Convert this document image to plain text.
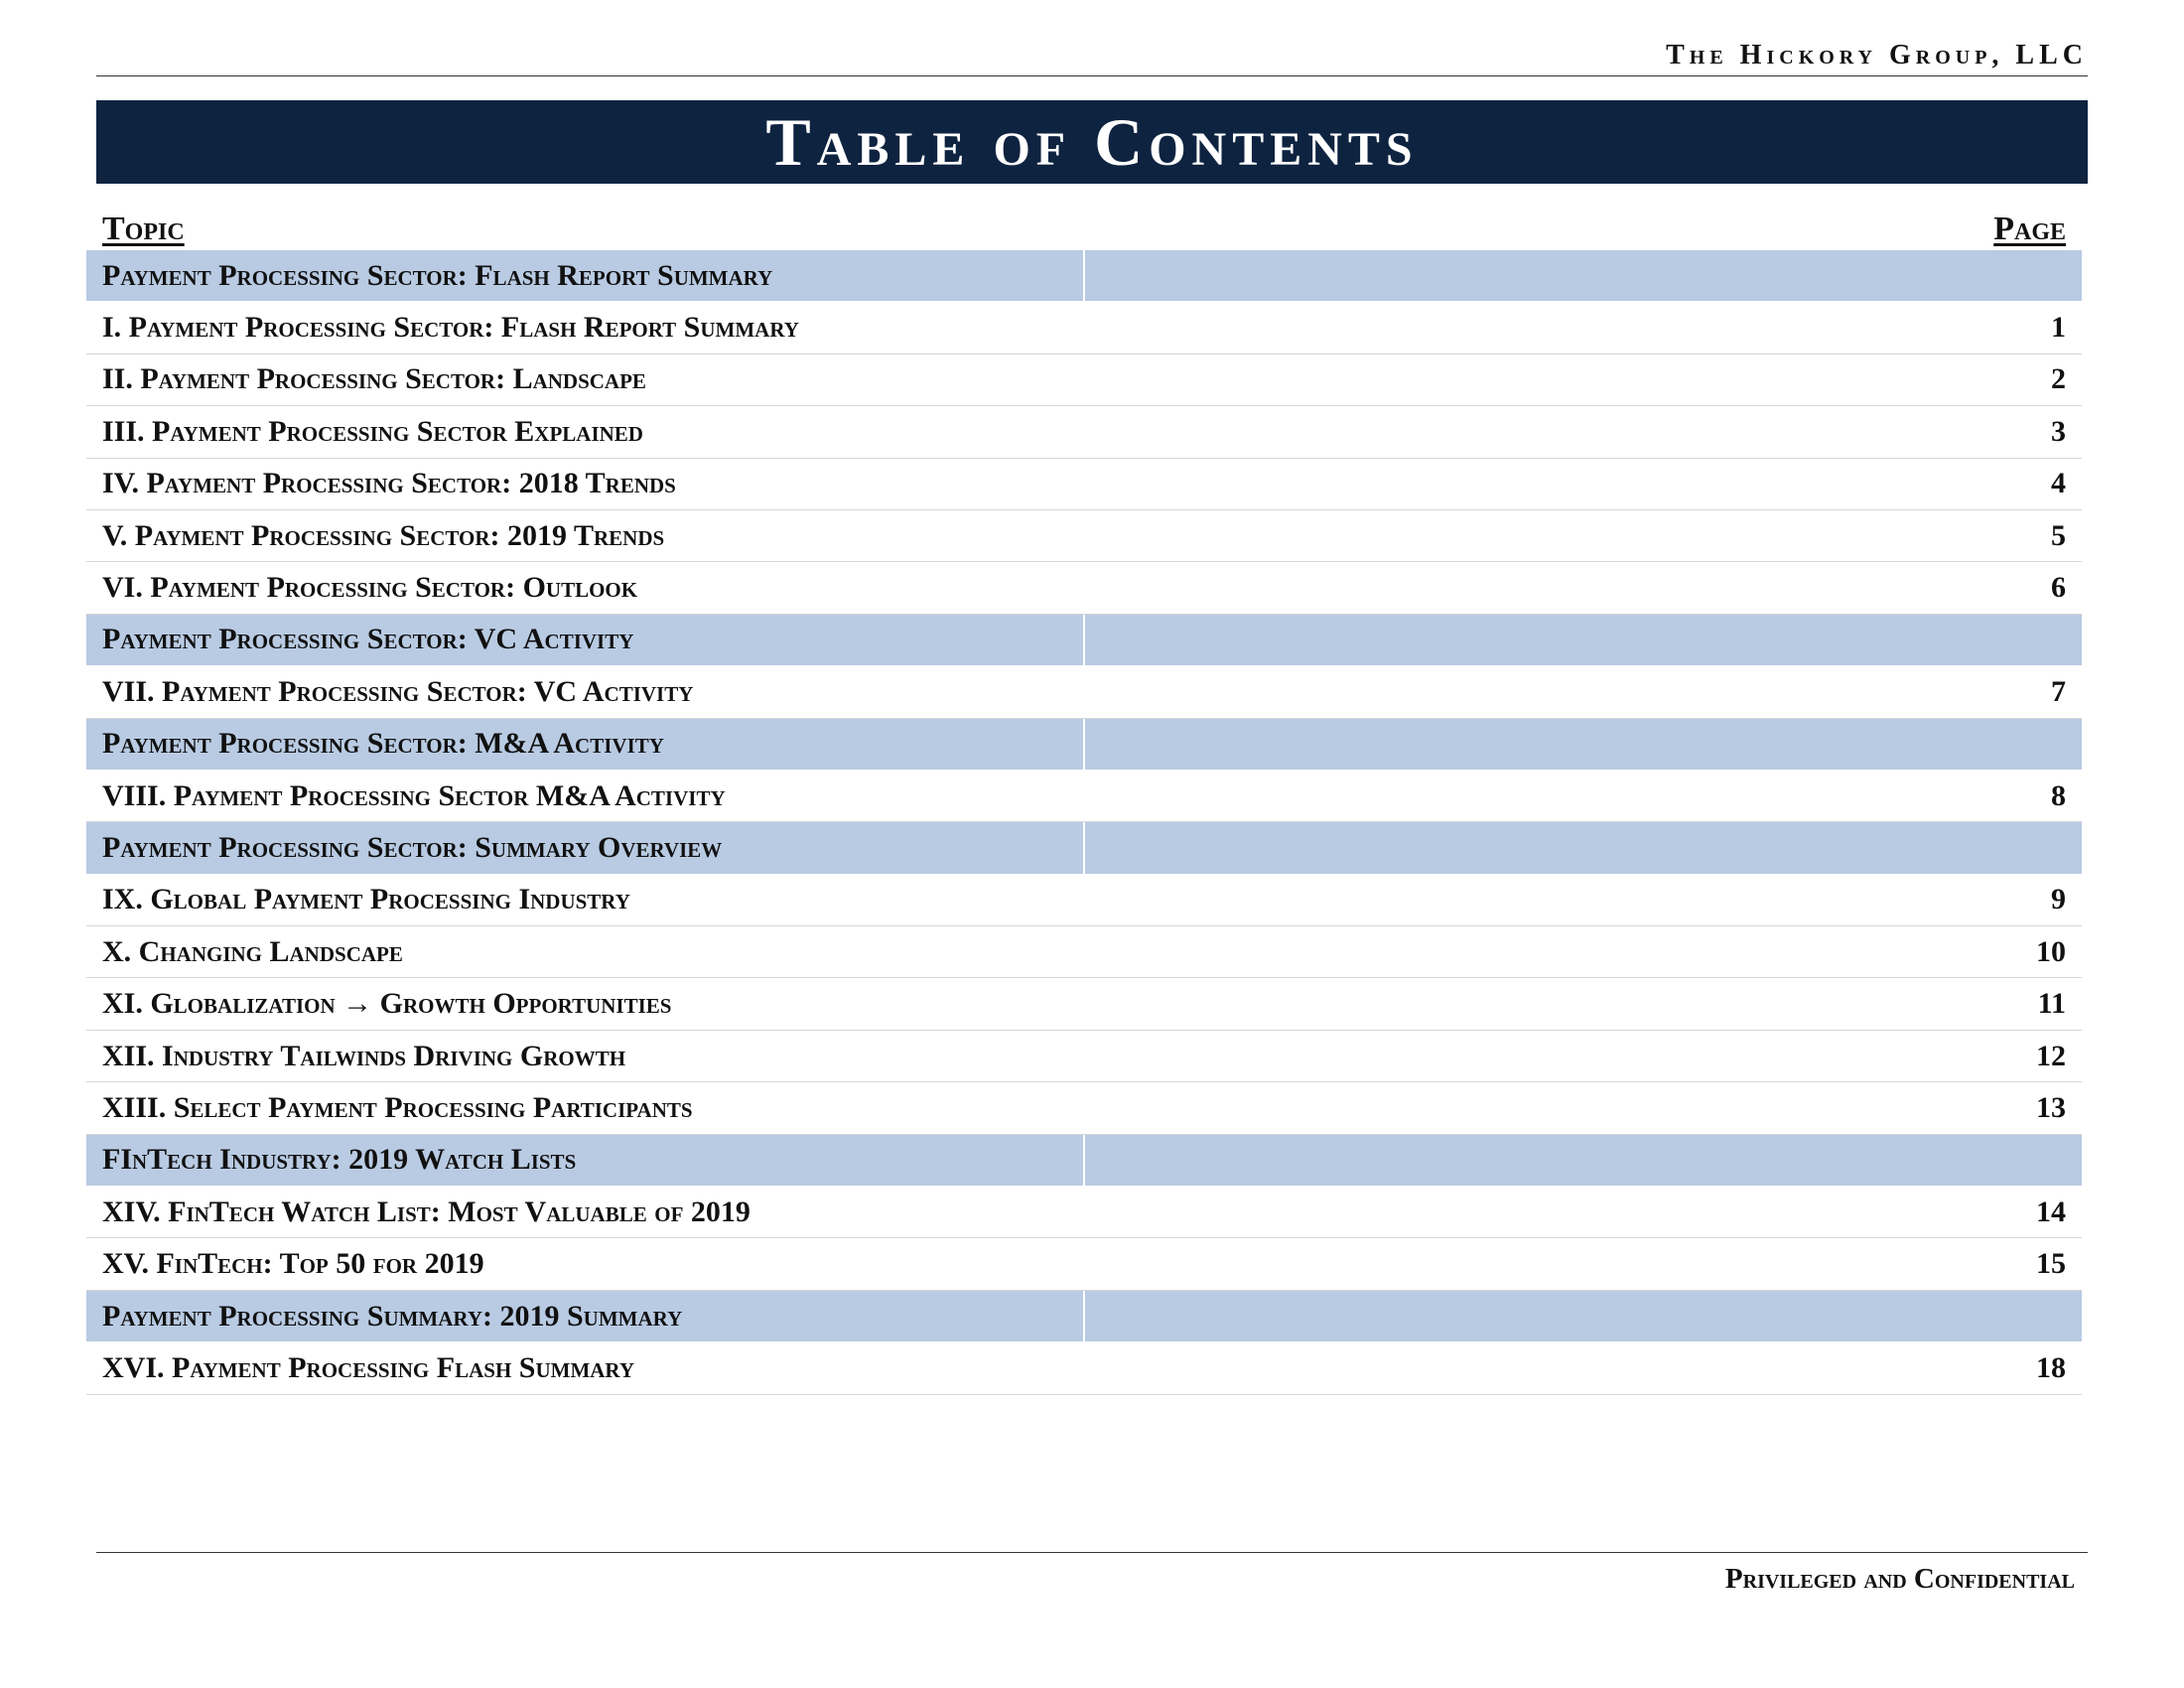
The Hickory Group, LLC
Table of Contents
Topic	Page
Payment Processing Sector: Flash Report Summary
I. Payment Processing Sector: Flash Report Summary	1
II. Payment Processing Sector: Landscape	2
III. Payment Processing Sector Explained	3
IV. Payment Processing Sector: 2018 Trends	4
V. Payment Processing Sector: 2019 Trends	5
VI. Payment Processing Sector: Outlook	6
Payment Processing Sector: VC Activity
VII. Payment Processing Sector: VC Activity	7
Payment Processing Sector: M&A Activity
VIII. Payment Processing Sector M&A Activity	8
Payment Processing Sector: Summary Overview
IX. Global Payment Processing Industry	9
X. Changing Landscape	10
XI. Globalization → Growth Opportunities	11
XII. Industry Tailwinds Driving Growth	12
XIII. Select Payment Processing Participants	13
FInTech Industry: 2019 Watch Lists
XIV. FinTech Watch List: Most Valuable of 2019	14
XV. FinTech: Top 50 for 2019	15
Payment Processing Summary: 2019 Summary
XVI. Payment Processing Flash Summary	18
Privileged and Confidential
